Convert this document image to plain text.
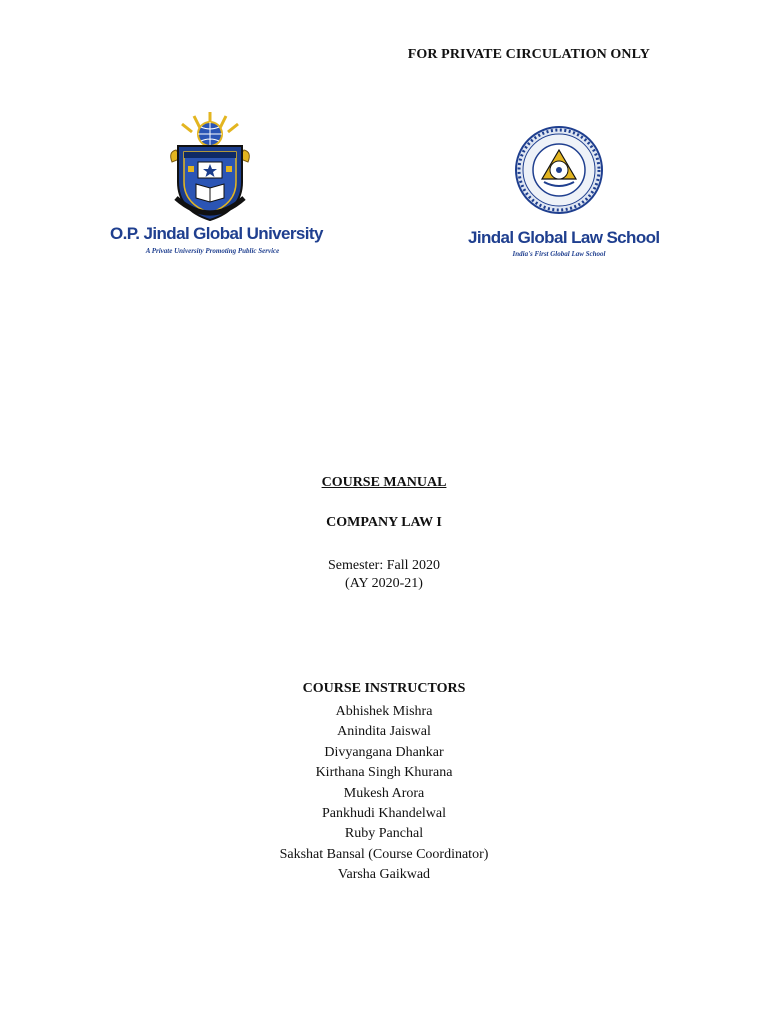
FOR PRIVATE CIRCULATION ONLY
O.P. Jindal Global University
A Private University Promoting Public Service
Jindal Global Law School
India's First Global Law School
COURSE MANUAL
COMPANY LAW I
Semester: Fall 2020
(AY 2020-21)
COURSE INSTRUCTORS
Abhishek Mishra
Anindita Jaiswal
Divyangana Dhankar
Kirthana Singh Khurana
Mukesh Arora
Pankhudi Khandelwal
Ruby Panchal
Sakshat Bansal (Course Coordinator)
Varsha Gaikwad
